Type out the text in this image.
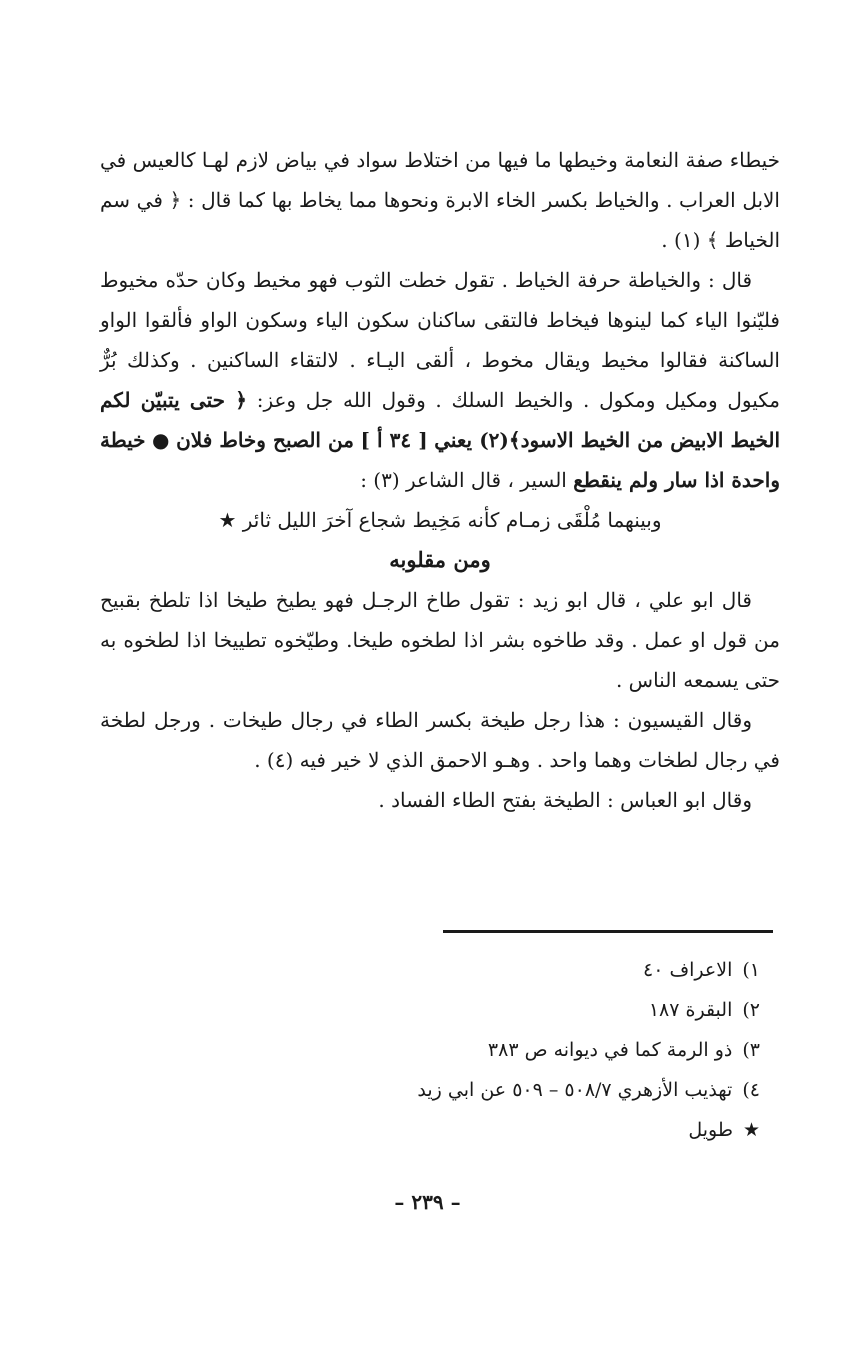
خيطاء صفة النعامة وخيطها ما فيها من اختلاط سواد في بياض لازم لهـا كالعيس في الابل العراب . والخياط بكسر الخاء الابرة ونحوها مما يخاط بها كما قال : ﴿ في سم الخياط ﴾ (١) .

قال : والخياطة حرفة الخياط . تقول خطت الثوب فهو مخيط وكان حدّه مخيوط فليّنوا الياء كما لينوها فيخاط فالتقى ساكنان سكون الياء وسكون الواو فألقوا الواو الساكنة فقالوا مخيط ويقال مخوط ، ألقى اليـاء . لالتقاء الساكنين . وكذلك بُرٌّ مكيول ومكيل ومكول . والخيط السلك . وقول الله جل وعز: ﴿ حتى يتبيّن لكم الخيط الابيض من الخيط الاسود﴾(٢) يعني [ ٣٤ أ ] من الصبح وخاط فلان ● خيطة واحدة اذا سار ولم ينقطع السير ، قال الشاعر (٣) :

وبينهما مُلْقَى زمـام كأنه مَخِيط شجاع آخرَ الليل ثائر ★

ومن مقلوبه

قال ابو علي ، قال ابو زيد : تقول طاخ الرجـل فهو يطيخ طيخا اذا تلطخ بقبيح من قول او عمل . وقد طاخوه بشر اذا لطخوه طيخا. وطيّخوه تطييخا اذا لطخوه به حتى يسمعه الناس .

وقال القيسيون : هذا رجل طيخة بكسر الطاء في رجال طيخات . ورجل لطخة في رجال لطخات وهما واحد . وهـو الاحمق الذي لا خير فيه (٤) .

وقال ابو العباس : الطيخة بفتح الطاء الفساد .

١)الاعراف ٤٠

٢)البقرة ١٨٧

٣)ذو الرمة كما في ديوانه ص ٣٨٣

٤)تهذيب الأزهري ٥٠٨/٧ – ٥٠٩ عن ابي زيد

★طويل

– ٢٣٩ –
